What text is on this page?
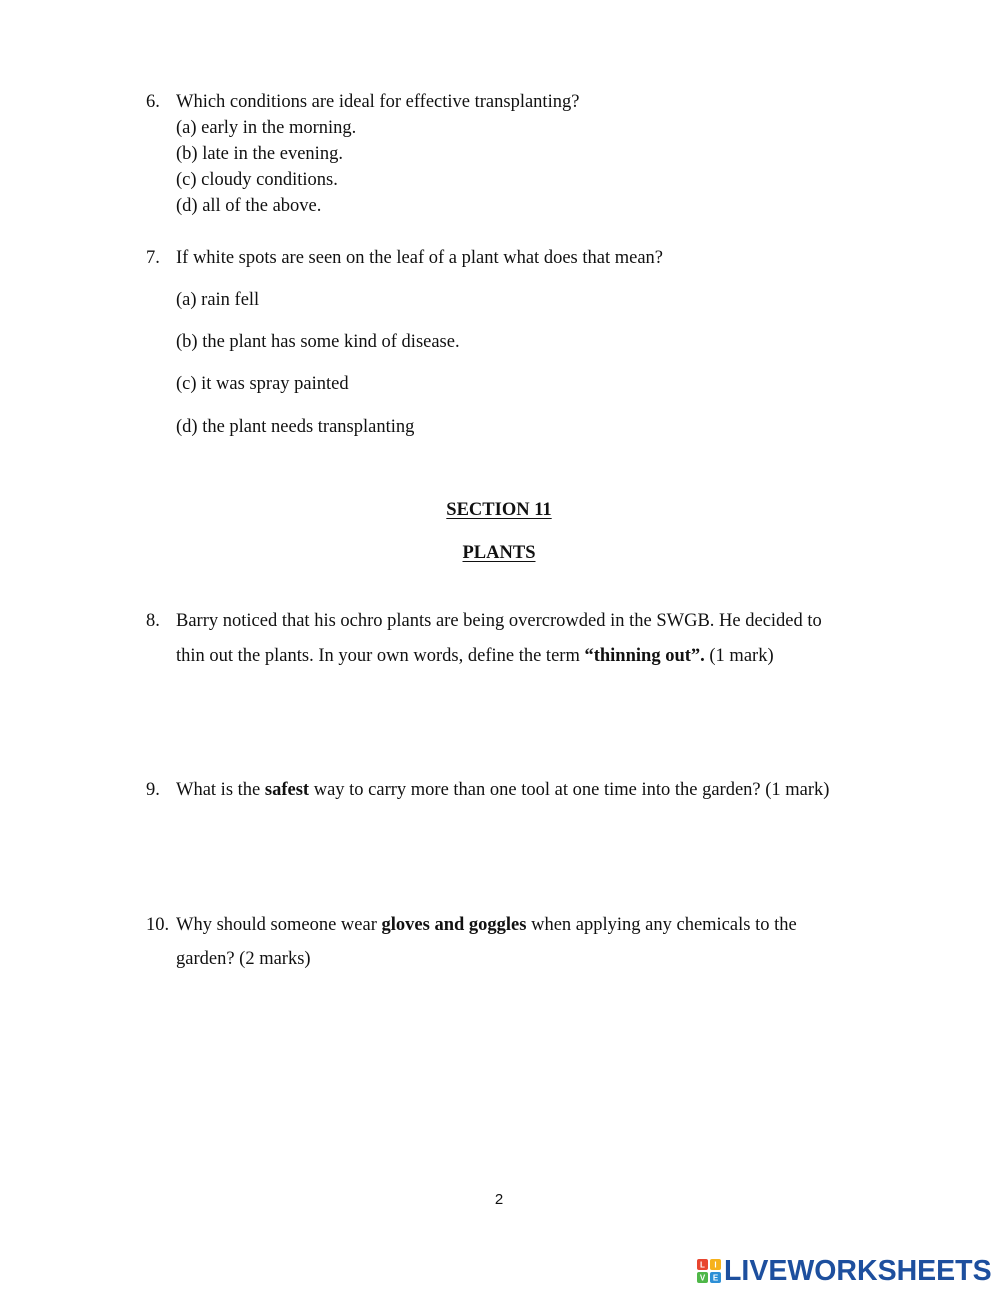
6. Which conditions are ideal for effective transplanting?
(a) early in the morning.
(b) late in the evening.
(c) cloudy conditions.
(d) all of the above.
7. If white spots are seen on the leaf of a plant what does that mean?
(a) rain fell
(b) the plant has some kind of disease.
(c) it was spray painted
(d) the plant needs transplanting
SECTION 11
PLANTS
8. Barry noticed that his ochro plants are being overcrowded in the SWGB. He decided to
thin out the plants. In your own words, define the term “thinning out”. (1 mark)
9. What is the safest way to carry more than one tool at one time into the garden? (1 mark)
10. Why should someone wear gloves and goggles when applying any chemicals to the
garden? (2 marks)
2
L I
V E LIVEWORKSHEETS
